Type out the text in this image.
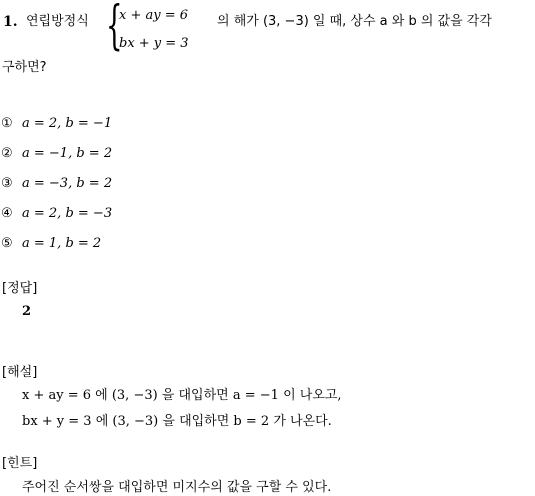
1. 연립방정식 {
x + ay = 6
bx + y = 3
의 해가 (3, −3) 일 때, 상수 a 와 b 의 값을 각각
구하면?
① a = 2, b = −1
② a = −1, b = 2
③ a = −3, b = 2
④ a = 2, b = −3
⑤ a = 1, b = 2
[정답]
2
[해설]
x + ay = 6 에 (3, −3) 을 대입하면 a = −1 이 나오고,
bx + y = 3 에 (3, −3) 을 대입하면 b = 2 가 나온다.
[힌트]
주어진 순서쌍을 대입하면 미지수의 값을 구할 수 있다.
